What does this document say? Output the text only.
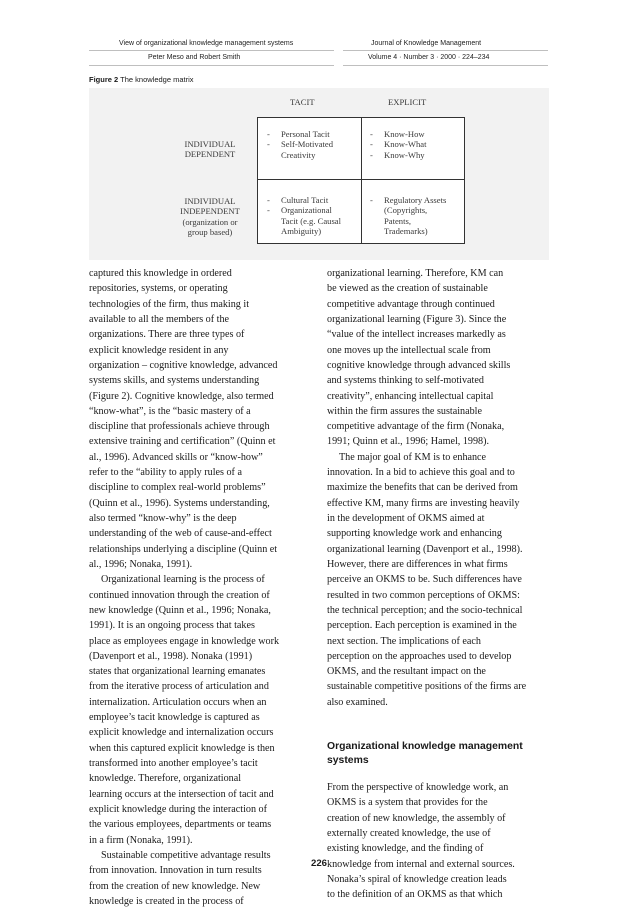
View of organizational knowledge management systems
Peter Meso and Robert Smith
Journal of Knowledge Management
Volume 4 · Number 3 · 2000 · 224–234
Figure 2 The knowledge matrix
TACIT	EXPLICIT
INDIVIDUAL
DEPENDENT
INDIVIDUAL
INDEPENDENT
(organization or
group based)
- Personal Tacit
- Self-Motivated
Creativity
- Know-How
- Know-What
- Know-Why
- Cultural Tacit
- Organizational
Tacit (e.g. Causal
Ambiguity)
- Regulatory Assets
(Copyrights,
Patents,
Trademarks)

captured this knowledge in ordered
repositories, systems, or operating
technologies of the firm, thus making it
available to all the members of the
organizations. There are three types of
explicit knowledge resident in any
organization – cognitive knowledge, advanced
systems skills, and systems understanding
(Figure 2). Cognitive knowledge, also termed
“know-what”, is the “basic mastery of a
discipline that professionals achieve through
extensive training and certification” (Quinn et
al., 1996). Advanced skills or “know-how”
refer to the “ability to apply rules of a
discipline to complex real-world problems”
(Quinn et al., 1996). Systems understanding,
also termed “know-why” is the deep
understanding of the web of cause-and-effect
relationships underlying a discipline (Quinn et
al., 1996; Nonaka, 1991).

Organizational learning is the process of
continued innovation through the creation of
new knowledge (Quinn et al., 1996; Nonaka,
1991). It is an ongoing process that takes
place as employees engage in knowledge work
(Davenport et al., 1998). Nonaka (1991)
states that organizational learning emanates
from the iterative process of articulation and
internalization. Articulation occurs when an
employee’s tacit knowledge is captured as
explicit knowledge and internalization occurs
when this captured explicit knowledge is then
transformed into another employee’s tacit
knowledge. Therefore, organizational
learning occurs at the intersection of tacit and
explicit knowledge during the interaction of
the various employees, departments or teams
in a firm (Nonaka, 1991).

Sustainable competitive advantage results
from innovation. Innovation in turn results
from the creation of new knowledge. New
knowledge is created in the process of

organizational learning. Therefore, KM can
be viewed as the creation of sustainable
competitive advantage through continued
organizational learning (Figure 3). Since the
“value of the intellect increases markedly as
one moves up the intellectual scale from
cognitive knowledge through advanced skills
and systems thinking to self-motivated
creativity”, enhancing intellectual capital
within the firm assures the sustainable
competitive advantage of the firm (Nonaka,
1991; Quinn et al., 1996; Hamel, 1998).

The major goal of KM is to enhance
innovation. In a bid to achieve this goal and to
maximize the benefits that can be derived from
effective KM, many firms are investing heavily
in the development of OKMS aimed at
supporting knowledge work and enhancing
organizational learning (Davenport et al., 1998).
However, there are differences in what firms
perceive an OKMS to be. Such differences have
resulted in two common perceptions of OKMS:
the technical perception; and the socio-technical
perception. Each perception is examined in the
next section. The implications of each
perception on the approaches used to develop
OKMS, and the resultant impact on the
sustainable competitive positions of the firms are
also examined.

Organizational knowledge management
systems

From the perspective of knowledge work, an
OKMS is a system that provides for the
creation of new knowledge, the assembly of
externally created knowledge, the use of
existing knowledge, and the finding of
knowledge from internal and external sources.
Nonaka’s spiral of knowledge creation leads
to the definition of an OKMS as that which

226
